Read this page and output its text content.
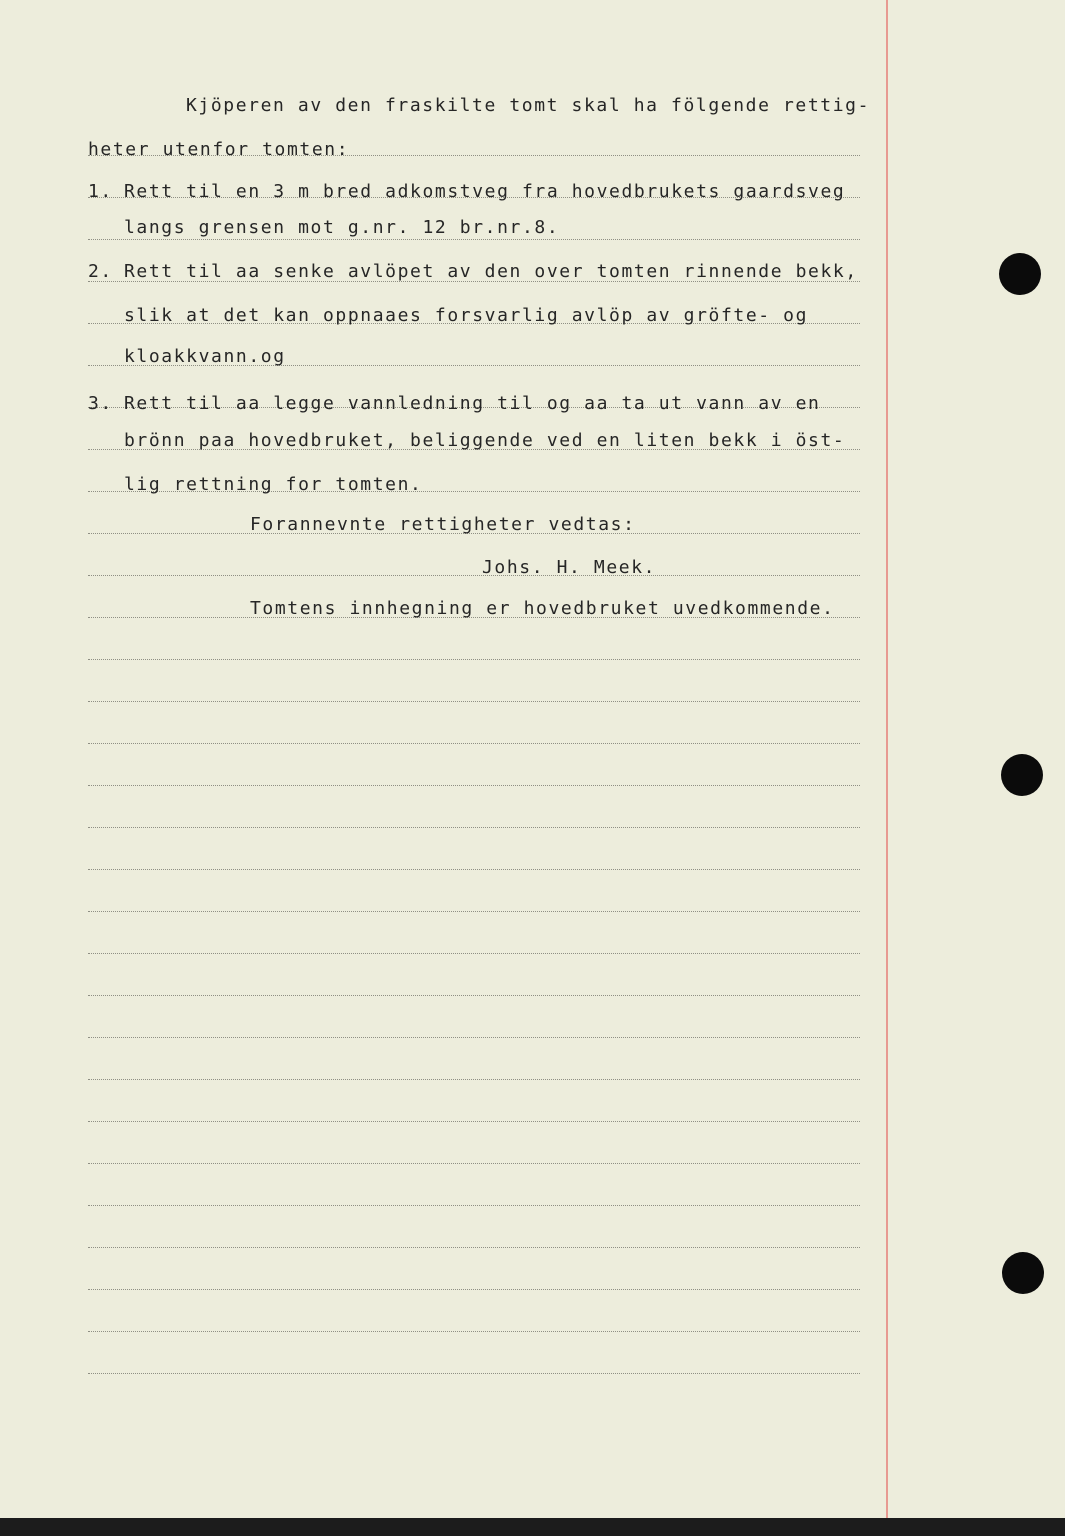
Kjöperen av den fraskilte tomt skal ha fölgende rettig-

heter utenfor tomten:

1. Rett til en 3 m bred adkomstveg fra hovedbrukets gaardsveg

langs grensen mot g.nr. 12 br.nr.8.

2. Rett til aa senke avlöpet av den over tomten rinnende bekk,

slik at det kan oppnaaes forsvarlig avlöp av gröfte- og

kloakkvann.og

3. Rett til aa legge vannledning til og aa ta ut vann av en

brönn paa hovedbruket, beliggende ved en liten bekk i öst-

lig rettning for tomten.

Forannevnte rettigheter vedtas:

Johs. H. Meek.

Tomtens innhegning er hovedbruket uvedkommende.
